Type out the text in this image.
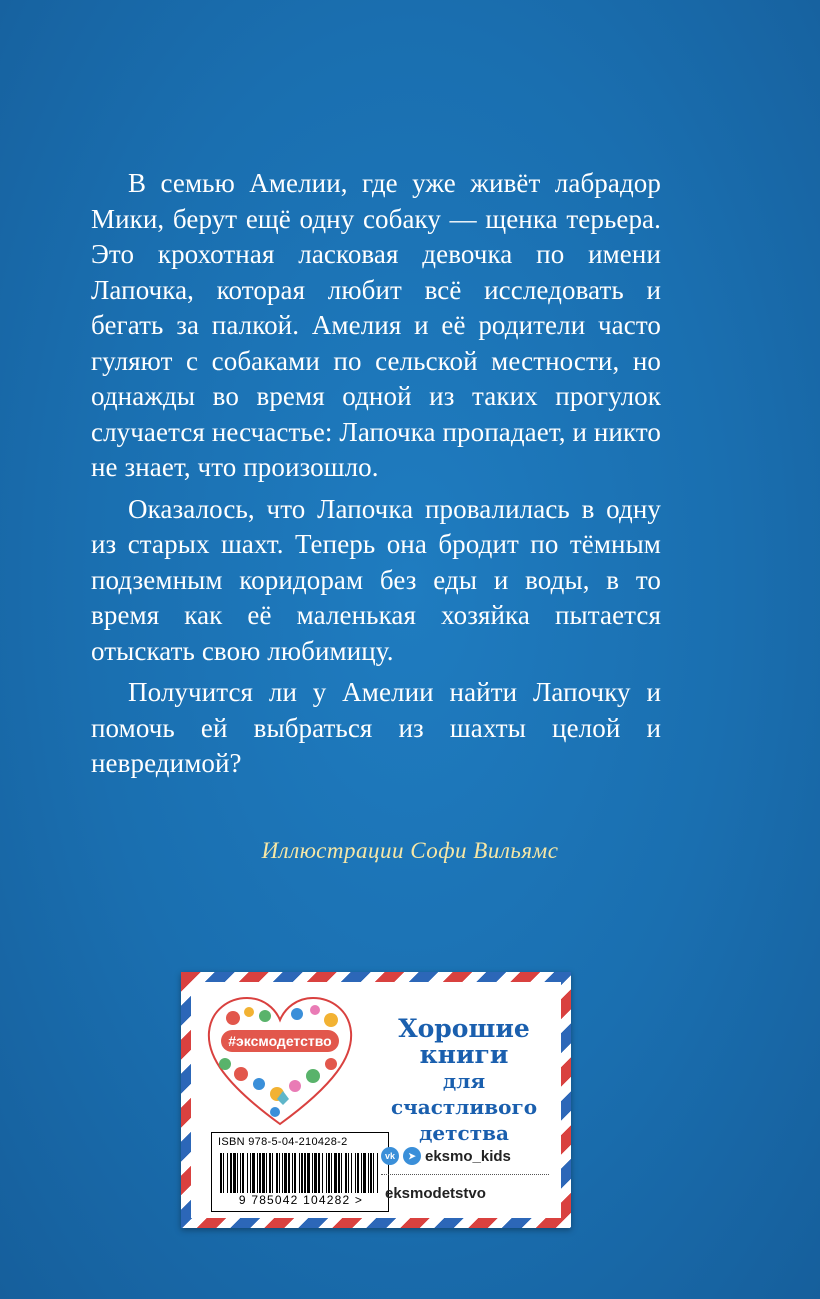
В семью Амелии, где уже живёт лабрадор Мики, берут ещё одну собаку — щенка терьера. Это крохотная ласковая девочка по имени Лапочка, которая любит всё исследовать и бегать за палкой. Амелия и её родители часто гуляют с собаками по сельской местности, но однажды во время одной из таких прогулок случается несчастье: Лапочка пропадает, и никто не знает, что произошло.

Оказалось, что Лапочка провалилась в одну из старых шахт. Теперь она бродит по тёмным подземным коридорам без еды и воды, в то время как её маленькая хозяйка пытается отыскать свою любимицу.

Получится ли у Амелии найти Лапочку и помочь ей выбраться из шахты целой и невредимой?

Иллюстрации Софи Вильямс
#эксмодетство	Хорошие
книги
для счастливого
детства
ISBN 978-5-04-210428-2
9 785042 104282 >
vk	➤ eksmo_kids
eksmodetstvo
